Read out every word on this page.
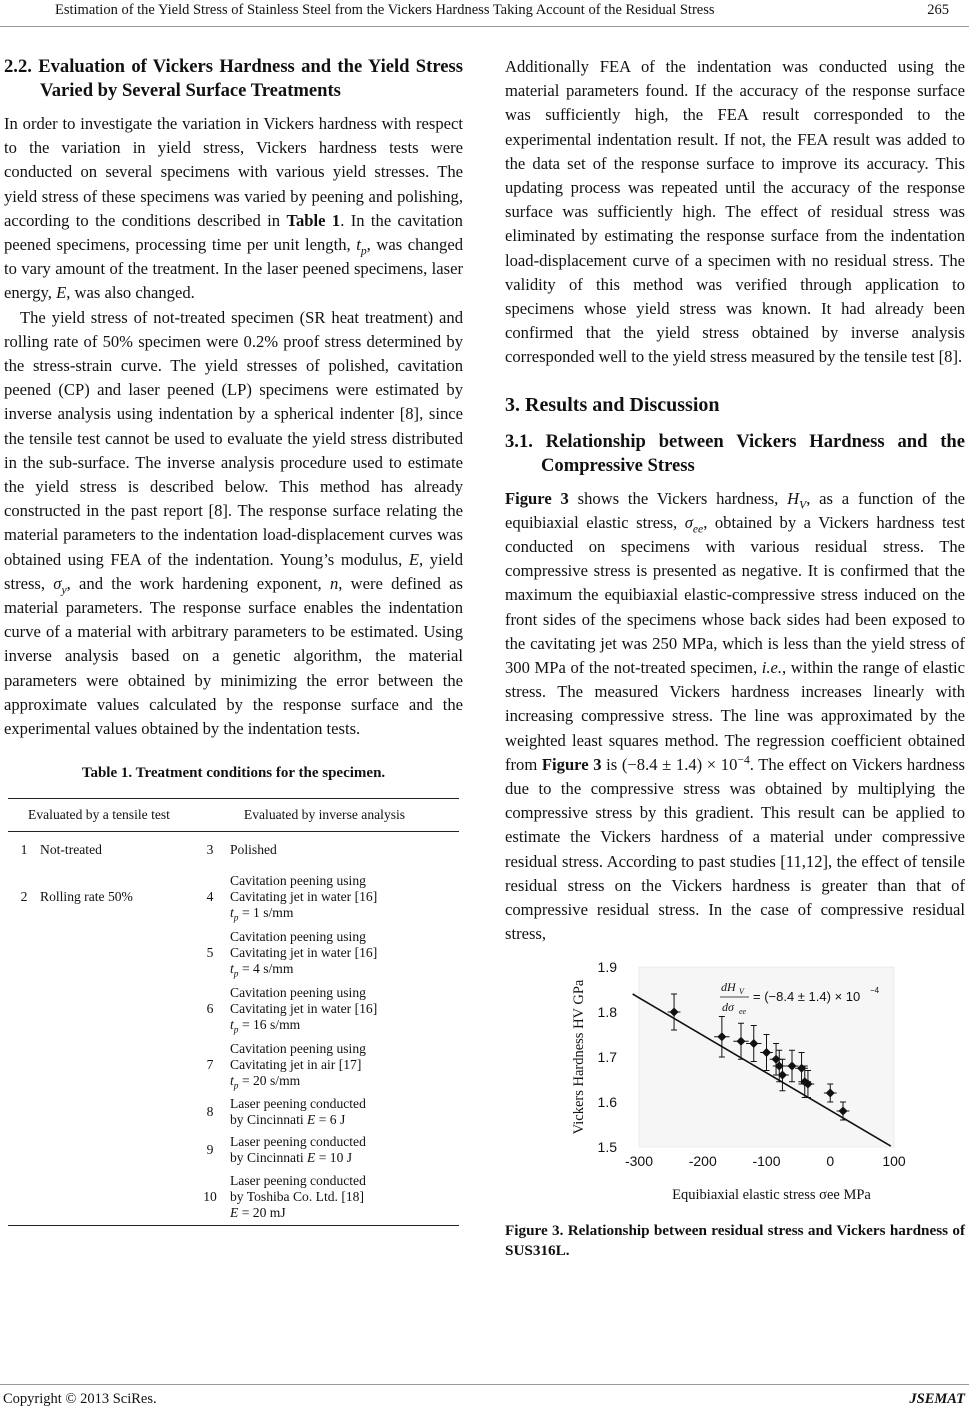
Estimation of the Yield Stress of Stainless Steel from the Vickers Hardness Taking Account of the Residual Stress	265
2.2. Evaluation of Vickers Hardness and the Yield Stress Varied by Several Surface Treatments

In order to investigate the variation in Vickers hardness with respect to the variation in yield stress, Vickers hardness tests were conducted on several specimens with various yield stresses. The yield stress of these specimens was varied by peening and polishing, according to the conditions described in Table 1. In the cavitation peened specimens, processing time per unit length, $t_p$, was changed to vary amount of the treatment. In the laser peened specimens, laser energy, E, was also changed.

The yield stress of not-treated specimen (SR heat treatment) and rolling rate of 50% specimen were 0.2% proof stress determined by the stress-strain curve. The yield stresses of polished, cavitation peened (CP) and laser peened (LP) specimens were estimated by inverse analysis using indentation by a spherical indenter [8], since the tensile test cannot be used to evaluate the yield stress distributed in the sub-surface. The inverse analysis procedure used to estimate the yield stress is described below. This method has already constructed in the past report [8]. The response surface relating the material parameters to the indentation load-displacement curves was obtained using FEA of the indentation. Young’s modulus, E, yield stress, $\sigma_y$, and the work hardening exponent, n, were defined as material parameters. The response surface enables the indentation curve of a material with arbitrary parameters to be estimated. Using inverse analysis based on a genetic algorithm, the material parameters were obtained by minimizing the error between the approximate values calculated by the response surface and the experimental values obtained by the indentation tests.

Table 1. Treatment conditions for the specimen.
Evaluated by a tensile test		Evaluated by inverse analysis	
1	Not-treated	3	Polished

2	Rolling rate 50%	4	Cavitation peening using
Cavitating jet in water [16]
$t_p = 1$ s/mm

		5	Cavitation peening using
Cavitating jet in water [16]
$t_p = 4$ s/mm

		6	Cavitation peening using
Cavitating jet in water [16]
$t_p = 16$ s/mm

		7	Cavitation peening using
Cavitating jet in air [17]
$t_p = 20$ s/mm

		8	Laser peening conducted
by Cincinnati E = 6 J

		9	Laser peening conducted
by Cincinnati E = 10 J

		10	Laser peening conducted
by Toshiba Co. Ltd. [18]
E = 20 mJ

Additionally FEA of the indentation was conducted using the material parameters found. If the accuracy of the response surface was sufficiently high, the FEA result corresponded to the experimental indentation result. If not, the FEA result was added to the data set of the response surface to improve its accuracy. This updating process was repeated until the accuracy of the response surface was sufficiently high. The effect of residual stress was eliminated by estimating the response surface from the indentation load-displacement curve of a specimen with no residual stress. The validity of this method was verified through application to specimens whose yield stress was known. It had already been confirmed that the yield stress obtained by inverse analysis corresponded well to the yield stress measured by the tensile test [8].

3. Results and Discussion
3.1. Relationship between Vickers Hardness and the Compressive Stress

Figure 3 shows the Vickers hardness, $H_V$, as a function of the equibiaxial elastic stress, $\sigma_{ee}$, obtained by a Vickers hardness test conducted on specimens with various residual stress. The compressive stress is presented as negative. It is confirmed that the maximum the equibiaxial elastic-compressive stress induced on the front sides of the specimens whose back sides had been exposed to the cavitating jet was 250 MPa, which is less than the yield stress of 300 MPa of the not-treated specimen, i.e., within the range of elastic stress. The measured Vickers hardness increases linearly with increasing compressive stress. The line was approximated by the weighted least squares method. The regression coefficient obtained from Figure 3 is $(-8.4 \pm 1.4) \times 10^{-4}$. The effect on Vickers hardness due to the compressive stress was obtained by multiplying the compressive stress by this gradient. This result can be applied to estimate the Vickers hardness of a material under compressive residual stress. According to past studies [11,12], the effect of tensile residual stress on the Vickers hardness is greater than that of compressive residual stress. In the case of compressive residual stress,

1.5
1.6
1.7
1.8
1.9
-300	-200	-100	0	100
Vickers Hardness HV GPa
Equibiaxial elastic stress σee MPa
dH V
dσ ee
= (−8.4 ± 1.4) × 10 −4
Figure 3. Relationship between residual stress and Vickers hardness of SUS316L.
Copyright © 2013 SciRes.	JSEMAT
